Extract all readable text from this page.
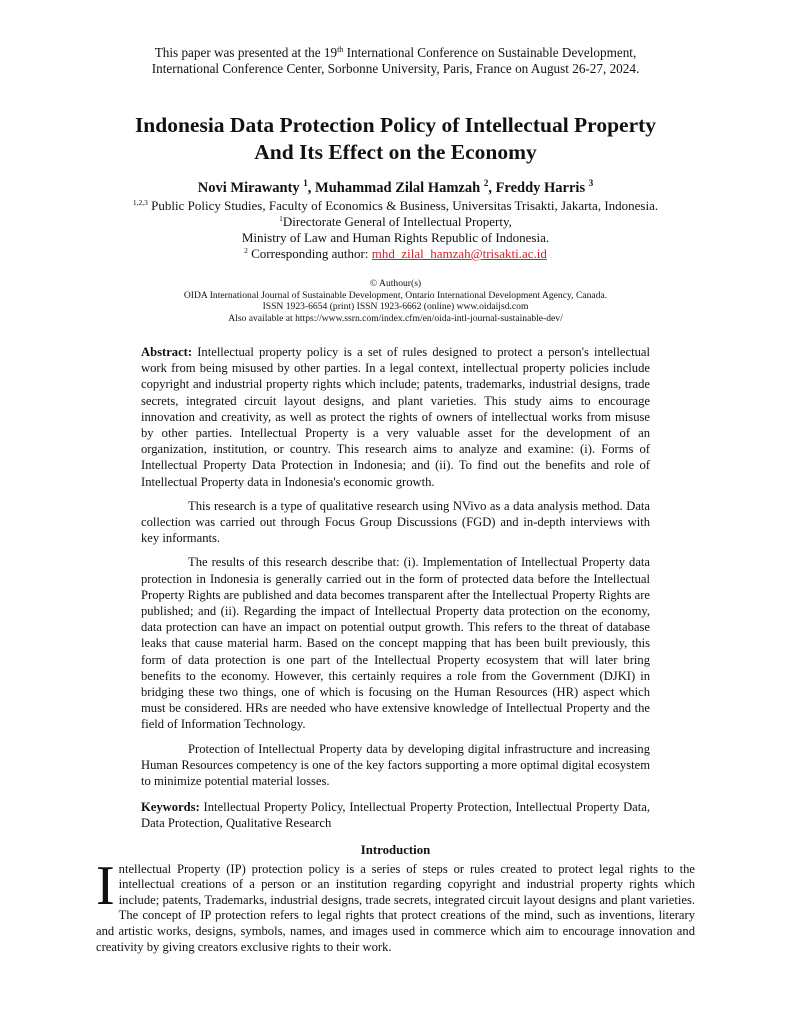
This paper was presented at the 19th International Conference on Sustainable Development,
International Conference Center, Sorbonne University, Paris, France on August 26-27, 2024.
Indonesia Data Protection Policy of Intellectual Property
And Its Effect on the Economy
Novi Mirawanty $^1$, Muhammad Zilal Hamzah $^2$, Freddy Harris $^3$
$^{1,2,3}$ Public Policy Studies, Faculty of Economics & Business, Universitas Trisakti, Jakarta, Indonesia.
$^1$Directorate General of Intellectual Property,
Ministry of Law and Human Rights Republic of Indonesia.
$^2$ Corresponding author: mhd_zilal_hamzah@trisakti.ac.id
© Authour(s)
OIDA International Journal of Sustainable Development, Ontario International Development Agency, Canada.
ISSN 1923-6654 (print) ISSN 1923-6662 (online) www.oidaijsd.com
Also available at https://www.ssrn.com/index.cfm/en/oida-intl-journal-sustainable-dev/

Abstract: Intellectual property policy is a set of rules designed to protect a person's intellectual work from being misused by other parties. In a legal context, intellectual property policies include copyright and industrial property rights which include; patents, trademarks, industrial designs, trade secrets, integrated circuit layout designs, and plant varieties. This study aims to encourage innovation and creativity, as well as protect the rights of owners of intellectual works from misuse by other parties. Intellectual Property is a very valuable asset for the development of an organization, institution, or country. This research aims to analyze and examine: (i). Forms of Intellectual Property Data Protection in Indonesia; and (ii). To find out the benefits and role of Intellectual Property data in Indonesia's economic growth.

This research is a type of qualitative research using NVivo as a data analysis method. Data collection was carried out through Focus Group Discussions (FGD) and in-depth interviews with key informants.

The results of this research describe that: (i). Implementation of Intellectual Property data protection in Indonesia is generally carried out in the form of protected data before the Intellectual Property Rights are published and data becomes transparent after the Intellectual Property Rights are published; and (ii). Regarding the impact of Intellectual Property data protection on the economy, data protection can have an impact on potential output growth. This refers to the threat of database leaks that cause material harm. Based on the concept mapping that has been built previously, this form of data protection is one part of the Intellectual Property ecosystem that will later bring benefits to the economy. However, this certainly requires a role from the Government (DJKI) in bridging these two things, one of which is focusing on the Human Resources (HR) aspect which must be considered. HRs are needed who have extensive knowledge of Intellectual Property and the field of Information Technology.

Protection of Intellectual Property data by developing digital infrastructure and increasing Human Resources competency is one of the key factors supporting a more optimal digital ecosystem to minimize potential material losses.

Keywords: Intellectual Property Policy, Intellectual Property Protection, Intellectual Property Data, Data Protection, Qualitative Research

Introduction
Intellectual Property (IP) protection policy is a series of steps or rules created to protect legal rights to the intellectual creations of a person or an institution regarding copyright and industrial property rights which include; patents, Trademarks, industrial designs, trade secrets, integrated circuit layout designs and plant varieties. The concept of IP protection refers to legal rights that protect creations of the mind, such as inventions, literary and artistic works, designs, symbols, names, and images used in commerce which aim to encourage innovation and creativity by giving creators exclusive rights to their work.
